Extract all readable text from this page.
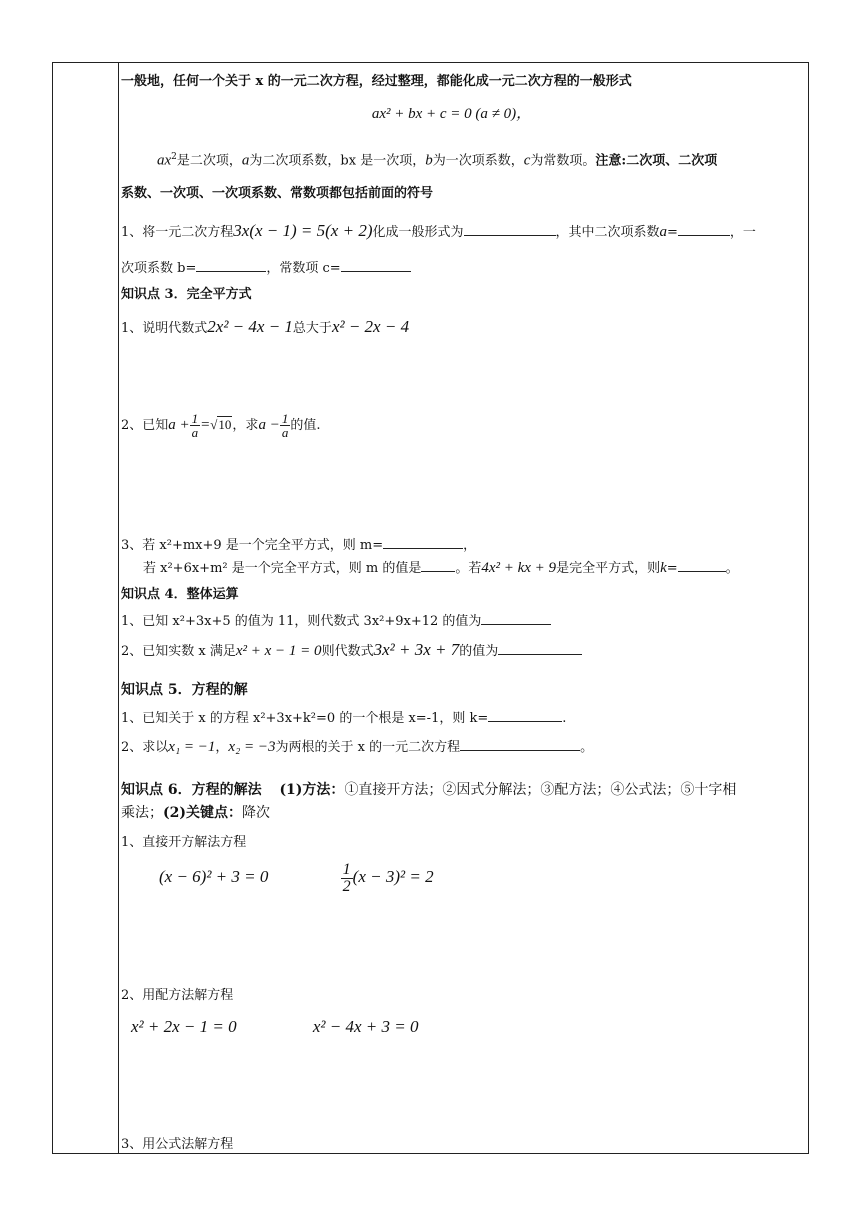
一般地，任何一个关于 x 的一元二次方程，经过整理，都能化成一元二次方程的一般形式
ax² + bx + c = 0 (a ≠ 0)，
$ax^2$是二次项，a为二次项系数，bx 是一次项，b为一次项系数，c为常数项。注意:二次项、二次项
系数、一次项、一次项系数、常数项都包括前面的符号
1、将一元二次方程3x(x − 1) = 5(x + 2)化成一般形式为	，其中二次项系数a=	，一
次项系数 b=	，常数项 c=
知识点 3．完全平方式
1、说明代数式2x² − 4x − 1总大于x² − 2x − 4
2、已知$a + \frac{1}{a} =√10$，求$a - \frac{1}{a}$ 的值.
3、若 x²+mx+9 是一个完全平方式，则 m=	，
若 x²+6x+m² 是一个完全平方式，则 m 的值是	。若4x² + kx + 9是完全平方式，则k=	。
知识点 4．整体运算
1、已知 x²+3x+5 的值为 11，则代数式 3x²+9x+12 的值为
2、已知实数 x 满足x² + x − 1 = 0则代数式3x² + 3x + 7的值为
知识点 5．方程的解
1、已知关于 x 的方程 x²+3x+k²=0 的一个根是 x=-1，则 k=	.
2、求以x₁ = −1，x₂ = −3为两根的关于 x 的一元二次方程	。
知识点 6．方程的解法 (1)方法：①直接开方法；②因式分解法；③配方法；④公式法；⑤十字相
乘法；(2)关键点：降次
1、直接开方解法方程
(x − 6)² + 3 = 0	$\frac{1}{2} (x - 3)^2 = 2$
2、用配方法解方程
x² + 2x − 1 = 0	x² − 4x + 3 = 0
3、用公式法解方程
